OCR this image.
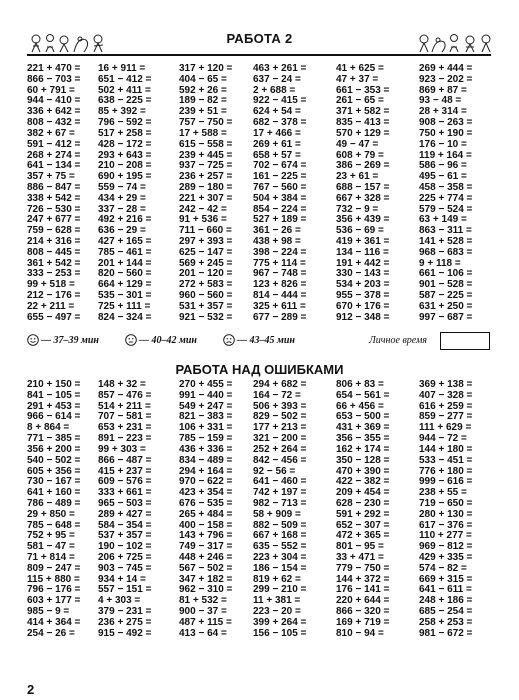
РАБОТА 2
221 + 470 =	16 + 911 =	317 + 120 =	463 + 261 =	41 + 625 =	269 + 444 =
866 − 703 =	651 − 412 =	404 − 65 =	637 − 24 =	47 + 37 =	923 − 202 =
60 + 791 =	502 + 411 =	592 + 26 =	2 + 688 =	661 − 353 =	869 + 87 =
944 − 410 =	638 − 225 =	189 − 82 =	922 − 415 =	261 − 65 =	93 − 48 =
336 + 642 =	85 + 392 =	239 + 51 =	624 + 54 =	371 + 582 =	28 + 314 =
808 − 432 =	796 − 592 =	757 − 750 =	682 − 378 =	835 − 413 =	908 − 263 =
382 + 67 =	517 + 258 =	17 + 588 =	17 + 466 =	570 + 129 =	750 + 190 =
591 − 412 =	428 − 172 =	615 − 558 =	269 + 61 =	49 − 47 =	176 − 10 =
268 + 274 =	293 + 643 =	239 + 445 =	658 + 57 =	608 + 79 =	119 + 164 =
641 − 134 =	210 − 208 =	937 − 725 =	702 − 674 =	386 − 269 =	586 − 96 =
357 + 75 =	690 + 195 =	236 + 257 =	161 − 225 =	23 + 61 =	495 − 61 =
886 − 847 =	559 − 74 =	289 − 180 =	767 − 560 =	688 − 157 =	458 − 358 =
338 + 542 =	434 + 29 =	221 + 307 =	504 + 384 =	667 + 328 =	225 + 774 =
726 − 530 =	337 − 28 =	242 − 42 =	854 − 224 =	732 − 9 =	579 − 524 =
247 + 677 =	492 + 216 =	91 + 536 =	527 + 189 =	356 + 439 =	63 + 149 =
759 − 628 =	636 − 29 =	711 − 660 =	361 − 26 =	536 − 69 =	863 − 311 =
214 + 316 =	427 + 165 =	297 + 393 =	438 + 98 =	419 + 361 =	141 + 528 =
808 − 445 =	785 − 461 =	625 − 147 =	398 − 224 =	134 − 116 =	968 − 683 =
361 + 542 =	201 + 144 =	569 + 245 =	775 + 114 =	191 + 442 =	9 + 118 =
333 − 253 =	820 − 560 =	201 − 120 =	967 − 748 =	330 − 143 =	661 − 106 =
99 + 518 =	664 + 129 =	272 + 583 =	123 + 826 =	534 + 203 =	901 − 528 =
212 − 176 =	535 − 301 =	960 − 560 =	814 − 444 =	955 − 378 =	587 − 225 =
22 + 211 =	725 + 111 =	531 + 357 =	325 + 611 =	670 + 176 =	631 + 250 =
655 − 497 =	824 − 324 =	921 − 532 =	677 − 289 =	912 − 348 =	997 − 687 =
— 37–39 мин	— 40–42 мин	— 43–45 мин	Личное время
РАБОТА НАД ОШИБКАМИ
210 + 150 =	148 + 32 =	270 + 455 =	294 + 682 =	806 + 83 =	369 + 138 =
841 − 105 =	857 − 476 =	991 − 440 =	164 − 72 =	654 − 561 =	407 − 328 =
291 + 453 =	514 + 211 =	549 + 247 =	506 + 393 =	66 + 456 =	616 + 259 =
966 − 614 =	707 − 581 =	821 − 383 =	829 − 502 =	653 − 500 =	859 − 277 =
8 + 864 =	653 + 231 =	106 + 331 =	177 + 213 =	431 + 369 =	111 + 629 =
771 − 385 =	891 − 223 =	785 − 159 =	321 − 200 =	356 − 355 =	944 − 72 =
356 + 200 =	99 + 303 =	436 + 336 =	252 + 264 =	162 + 174 =	144 + 180 =
540 − 502 =	866 − 487 =	834 − 489 =	842 − 456 =	350 − 128 =	533 − 451 =
605 + 356 =	415 + 237 =	294 + 164 =	92 − 56 =	470 + 390 =	776 + 180 =
730 − 167 =	609 − 576 =	970 − 622 =	641 − 460 =	422 − 382 =	999 − 616 =
641 + 160 =	333 + 661 =	423 + 354 =	742 + 197 =	209 + 454 =	238 + 55 =
786 − 489 =	965 − 503 =	676 − 535 =	982 − 713 =	628 − 230 =	719 − 650 =
29 + 850 =	289 + 427 =	265 + 484 =	58 + 909 =	591 + 292 =	280 + 130 =
785 − 648 =	584 − 354 =	400 − 158 =	882 − 509 =	652 − 307 =	617 − 376 =
752 + 95 =	537 + 357 =	143 + 796 =	667 + 168 =	472 + 365 =	110 + 277 =
581 − 47 =	190 − 102 =	749 − 317 =	635 − 552 =	801 − 95 =	969 − 812 =
71 + 814 =	206 + 725 =	448 + 246 =	223 + 304 =	33 + 471 =	429 + 335 =
809 − 247 =	903 − 745 =	567 − 502 =	186 − 154 =	779 − 750 =	574 − 82 =
115 + 880 =	934 + 14 =	347 + 182 =	819 + 62 =	144 + 372 =	669 + 315 =
796 − 176 =	557 − 151 =	962 − 310 =	299 − 210 =	176 − 141 =	641 − 611 =
603 + 177 =	4 + 303 =	81 + 532 =	11 + 381 =	220 + 644 =	248 + 186 =
985 − 9 =	379 − 231 =	900 − 37 =	223 − 20 =	866 − 320 =	685 − 254 =
414 + 364 =	236 + 275 =	487 + 115 =	399 + 264 =	169 + 719 =	258 + 253 =
254 − 26 =	915 − 492 =	413 − 64 =	156 − 105 =	810 − 94 =	981 − 672 =
2
